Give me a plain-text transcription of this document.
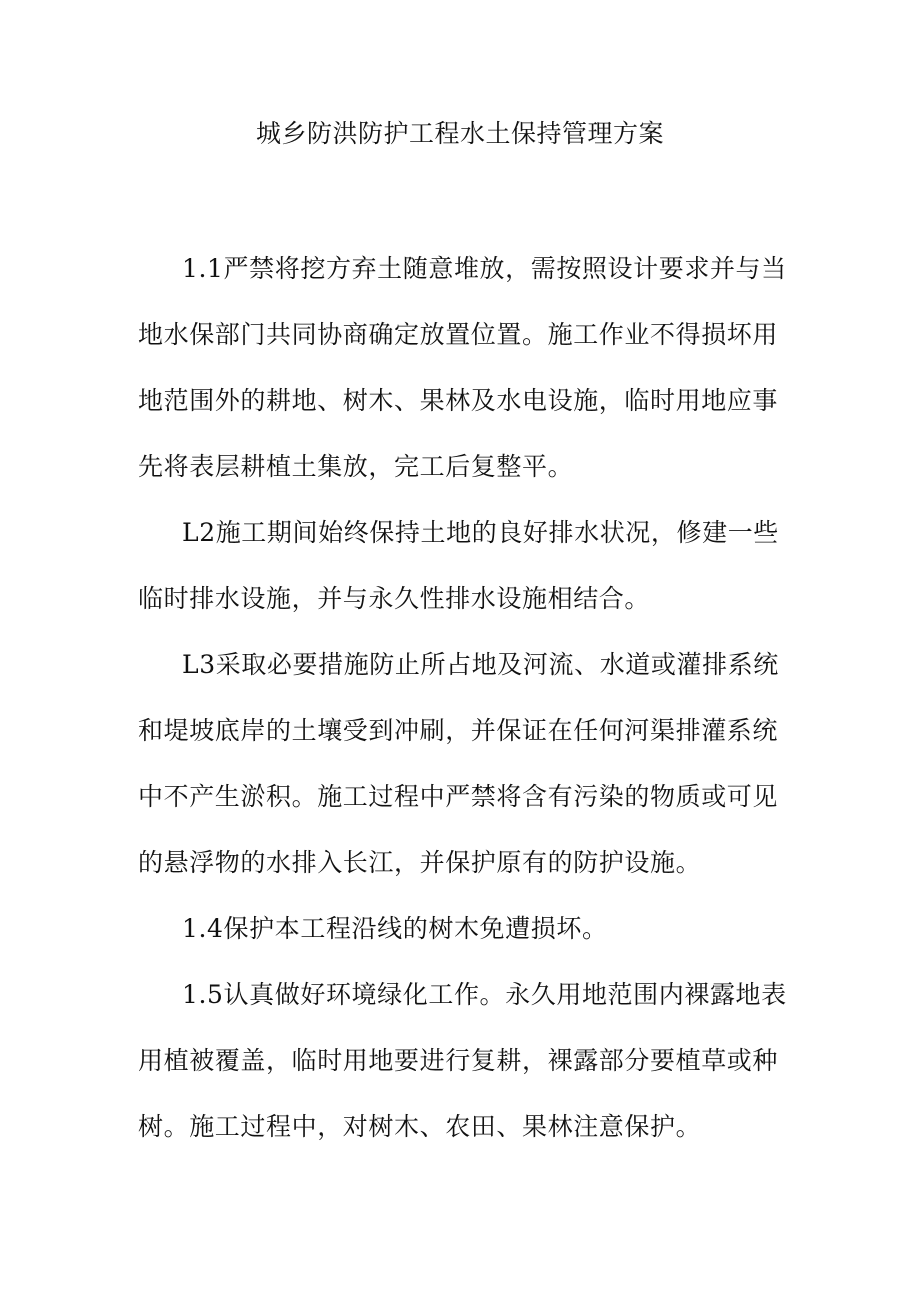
城乡防洪防护工程水土保持管理方案

1.1严禁将挖方弃土随意堆放，需按照设计要求并与当
地水保部门共同协商确定放置位置。施工作业不得损坏用
地范围外的耕地、树木、果林及水电设施，临时用地应事
先将表层耕植土集放，完工后复整平。

L2施工期间始终保持土地的良好排水状况，修建一些
临时排水设施，并与永久性排水设施相结合。

L3采取必要措施防止所占地及河流、水道或灌排系统
和堤坡底岸的土壤受到冲刷，并保证在任何河渠排灌系统
中不产生淤积。施工过程中严禁将含有污染的物质或可见
的悬浮物的水排入长江，并保护原有的防护设施。

1.4保护本工程沿线的树木免遭损坏。

1.5认真做好环境绿化工作。永久用地范围内裸露地表
用植被覆盖，临时用地要进行复耕，裸露部分要植草或种
树。施工过程中，对树木、农田、果林注意保护。
